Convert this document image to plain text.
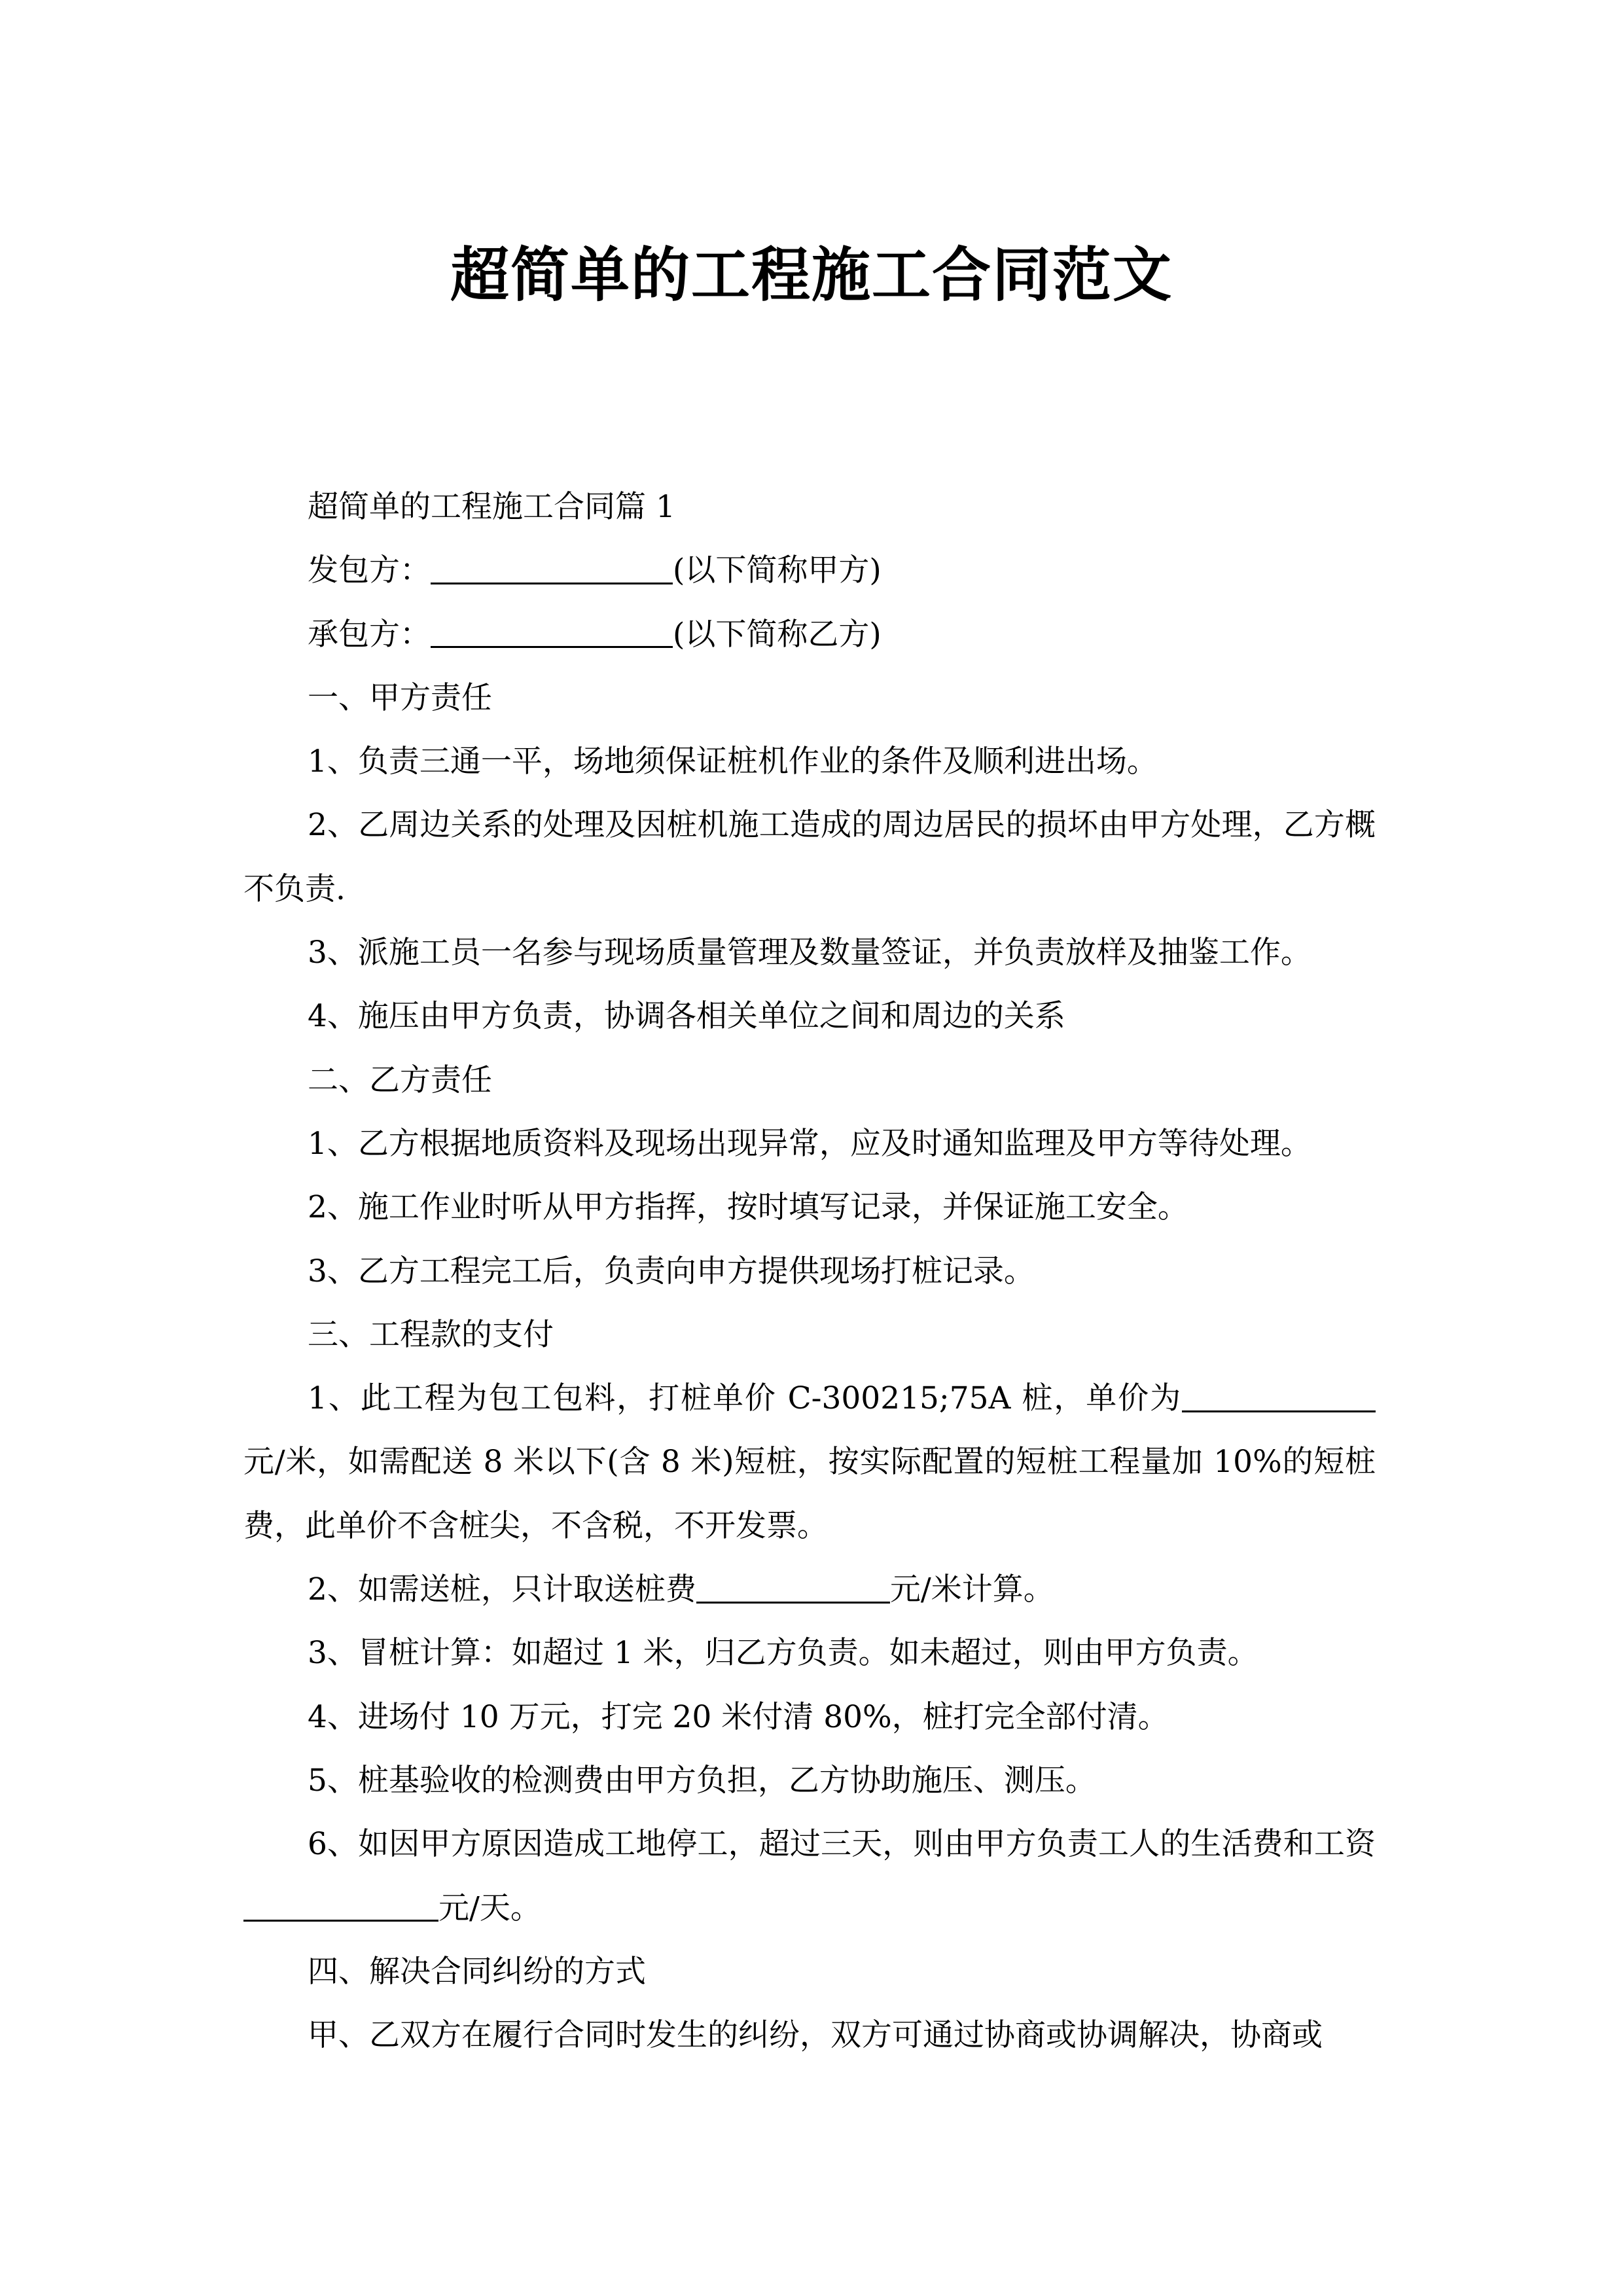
超简单的工程施工合同范文

超简单的工程施工合同篇 1

发包方：	(以下简称甲方)

承包方：	(以下简称乙方)

一、甲方责任

1、负责三通一平，场地须保证桩机作业的条件及顺利进出场。

2、乙周边关系的处理及因桩机施工造成的周边居民的损坏由甲方处理，乙方概不负责.

3、派施工员一名参与现场质量管理及数量签证，并负责放样及抽鉴工作。

4、施压由甲方负责，协调各相关单位之间和周边的关系

二、乙方责任

1、乙方根据地质资料及现场出现异常，应及时通知监理及甲方等待处理。

2、施工作业时听从甲方指挥，按时填写记录，并保证施工安全。

3、乙方工程完工后，负责向申方提供现场打桩记录。

三、工程款的支付

1、此工程为包工包料，打桩单价 C-300215;75A 桩，单价为元/米，如需配送 8 米以下(含 8 米)短桩，按实际配置的短桩工程量加 10%的短桩费，此单价不含桩尖，不含税，不开发票。

2、如需送桩，只计取送桩费	元/米计算。

3、冒桩计算：如超过 1 米，归乙方负责。如未超过，则由甲方负责。

4、进场付 10 万元，打完 20 米付清 80%，桩打完全部付清。

5、桩基验收的检测费由甲方负担，乙方协助施压、测压。

6、如因甲方原因造成工地停工，超过三天，则由甲方负责工人的生活费和工资元/天。

四、解决合同纠纷的方式

甲、乙双方在履行合同时发生的纠纷，双方可通过协商或协调解决，协商或
